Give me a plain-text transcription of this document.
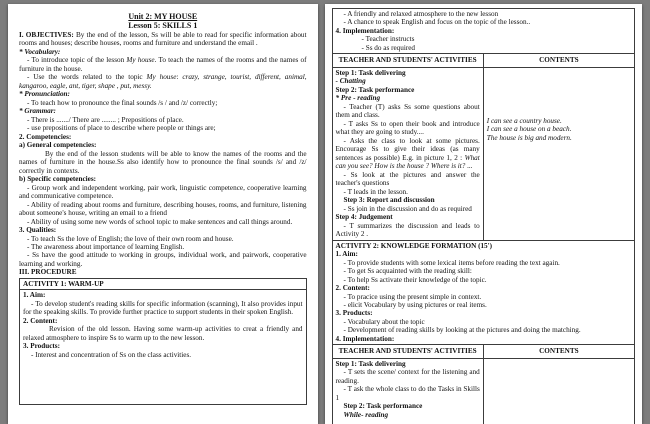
Unit 2: MY HOUSE
Lesson 5: SKILLS 1
I. OBJECTIVES: By the end of the lesson, Ss will be able to read for specific information about rooms and houses; describe houses, rooms and furniture and understand the email .
* Vocabulary:
- To introduce topic of the lesson My house. To teach the names of the rooms and the names of furniture in the house.
- Use the words related to the topic My house: crazy, strange, tourist, different, animal, kangaroo, eagle, ant, tiger, shape , put, messy.
* Pronunciation:
- To teach how to pronounce the final sounds /s / and /z/ correctly;
* Grammar:
- There is ......./ There are ........ ; Prepositions of place.
- use prepositions of place to describe where people or things are;
2. Competencies:
a) General competencies:
By the end of the lesson students will be able to know the names of the rooms and the names of furniture in the house.Ss also identify how to pronounce the final sounds /s/ and /z/ correctly in contexts.
b) Specific competencies:
- Group work and independent working, pair work, linguistic competence, cooperative learning and communicative competence.
- Ability of reading about rooms and furniture, describing houses, rooms, and furniture, listening about someone's house, writing an email to a friend
- Ability of using some new words of school topic to make sentences and call things around.
3. Qualities:
- To teach Ss the love of English; the love of their own room and house.
- The awareness about importance of learning English.
- Ss have the good attitude to working in groups, individual work, and pairwork, cooperative learning and working.
III. PROCEDURE
ACTIVITY 1: WARM-UP

1. Aim:
- To develop student's reading skills for specific information (scanning), It also provides input for the speaking skills. To provide further practice to support students in their spoken English.
2. Content:
Revision of the old lesson. Having some warm-up activities to creat a friendly and relaxed atmosphere to inspire Ss to warm up to the new lesson.
3. Products:
- Interest and concentration of Ss on the class activities.
- A friendly and relaxed atmosphere to the new lesson
- A chance to speak English and focus on the topic of the lesson..
4. Implementation:
- Teacher instructs
- Ss do as required	

TEACHER AND STUDENTS' ACTIVITIES	CONTENTS

Step 1: Task delivering
- Chatting
Step 2: Task performance
* Pre - reading
- Teacher (T) asks Ss some questions about them and class.
- T asks Ss to open their book and introduce what they are going to study....
- Asks the class to look at some pictures. Encourage Ss to give their ideas (as many sentences as possible) E.g. in picture 1, 2 : What can you see? How is the house ? Where is it? ...
- Ss look at the pictures and answer the teacher's questions
- T leads in the lesson.
Step 3: Report and discussion
- Ss join in the discussion and do as required
Step 4: Judgement
- T summarizes the discussion and leads to Activity 2 .

I can see a country house.
I can see a house on a beach.
The house is big and modern.

ACTIVITY 2: KNOWLEDGE FORMATION (15')
1. Aim:
- To provide students with some lexical items before reading the text again.
- To get Ss acquainted with the reading skill:
- To help Ss activate their knowledge of the topic.
2. Content:
- To pracice using the present simple in context.
- elicit Vocabulary by using pictures or real items.
3. Products:
- Vocabulary about the topic
- Development of reading skills by looking at the pictures and doing the matching.
4. Implementation:

TEACHER AND STUDENTS' ACTIVITIES	CONTENTS

Step 1: Task delivering
- T sets the scene/ context for the listening and reading.
- T ask the whole class to do the Tasks in Skills 1
Step 2: Task performance
While- reading	
